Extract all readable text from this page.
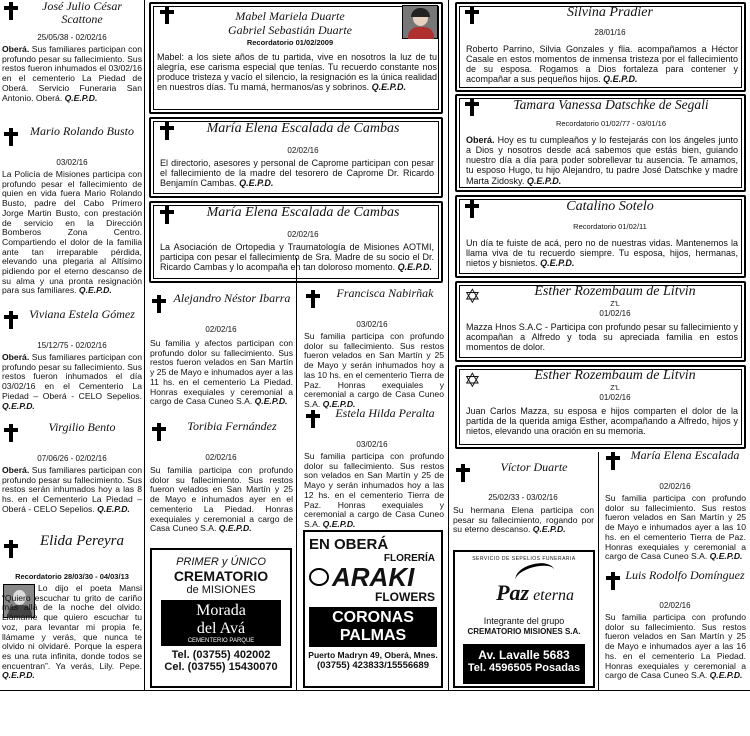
José Julio César Scattone
25/05/38 - 02/02/16
Oberá. Sus familiares participan con profundo pesar su fallecimiento. Sus restos fueron inhumados el 03/02/16 en el cementerio La Piedad de Oberá. Servicio Funeraria San Antonio. Oberá. Q.E.P.D.
Mario Rolando Busto
03/02/16
La Policía de Misiones participa con profundo pesar el fallecimiento de quien en vida fuera Mario Rolando Busto, padre del Cabo Primero Jorge Martin Busto, con prestación de servicio en la Dirección Bomberos Zona Centro. Compartiendo el dolor de la familia ante tan irreparable pérdida, elevando una plegaria al Altísimo pidiendo por el eterno descanso de su alma y una pronta resignación para sus familiares. Q.E.P.D.
Viviana Estela Gómez
15/12/75 - 02/02/16
Oberá. Sus familiares participan con profundo pesar su fallecimiento. Sus restos fueron inhumados el día 03/02/16 en el Cementerio La Piedad – Oberá - CELO Sepelios. Q.E.P.D.
Virgilio Bento
07/06/26 - 02/02/16
Oberá. Sus familiares participan con profundo pesar su fallecimiento. Sus restos serán inhumados hoy a las 8 hs. en el Cementerio La Piedad – Oberá - CELO Sepelios. Q.E.P.D.
Elida Pereyra
Recordatorio 28/03/30 - 04/03/13
Lo dijo el poeta Mansi “Quiero escuchar tu grito de cariño más allá de la noche del olvido. Llámame que quiero escuchar tu voz, para levantar mi propia fe, llámame y verás, que nunca te olvido ni olvidaré. Porque la espera es una ruta infinita, donde todos se encuentran”. Ya verás, Lily. Pepe. Q.E.P.D.
Mabel Mariela Duarte
Gabriel Sebastián Duarte
Recordatorio 01/02/2009
Mabel: a los siete años de tu partida, vive en nosotros la luz de tu alegría, ese carisma especial que tenías. Tu recuerdo constante nos produce tristeza y vacío el silencio, la resignación es la única realidad en nuestros días. Tu mamá, hermanos/as y sobrinos. Q.E.P.D.
María Elena Escalada de Cambas
02/02/16
El directorio, asesores y personal de Caprome participan con pesar el fallecimiento de la madre del tesorero de Caprome Dr. Ricardo Benjamín Cambas. Q.E.P.D.
María Elena Escalada de Cambas
02/02/16
La Asociación de Ortopedia y Traumatología de Misiones AOTMI, participa con pesar el fallecimiento de Sra. Madre de su socio el Dr. Ricardo Cambas y lo acompaña en tan doloroso momento. Q.E.P.D.
Alejandro Néstor Ibarra
02/02/16
Su familia y afectos participan con profundo dolor su fallecimiento. Sus restos fueron velados en San Martín y 25 de Mayo e inhumados ayer a las 11 hs. en el cementerio La Piedad. Honras exequiales y ceremonial a cargo de Casa Cuneo S.A. Q.E.P.D.
Toribia Fernández
02/02/16
Su familia participa con profundo dolor su fallecimiento. Sus restos fueron velados en San Martín y 25 de Mayo e inhumados ayer en el cementerio La Piedad. Honras exequiales y ceremonial a cargo de Casa Cuneo S.A. Q.E.P.D.
PRIMER y ÚNICO
CREMATORIO
de MISIONES
Morada
del Avá
CEMENTERIO PARQUE
Tel. (03755) 402002
Cel. (03755) 15430070
Francisca Nabirñak
03/02/16
Su familia participa con profundo dolor su fallecimiento. Sus restos fueron velados en San Martín y 25 de Mayo y serán inhumados hoy a las 10 hs. en el cementerio Tierra de Paz. Honras exequiales y ceremonial a cargo de Casa Cuneo S.A. Q.E.P.D.
Estela Hilda Peralta
03/02/16
Su familia participa con profundo dolor su fallecimiento. Sus restos son velados en San Martín y 25 de Mayo y serán inhumados hoy a las 12 hs. en el cementerio Tierra de Paz. Honras exequiales y ceremonial a cargo de Casa Cuneo S.A. Q.E.P.D.
EN OBERÁ
FLORERÍA
ARAKI
FLOWERS
CORONAS
PALMAS
Puerto Madryn 49, Oberá, Mnes.
(03755) 423833/15556689
Silvina Pradier
28/01/16
Roberto Parrino, Silvia Gonzales y flia. acompañamos a Héctor Casale en estos momentos de inmensa tristeza por el fallecimiento de su esposa. Rogamos a Dios fortaleza para contener y acompañar a sus pequeños hijos. Q.E.P.D.
Tamara Vanessa Datschke de Segali
Recordatorio 01/02/77 - 03/01/16
Oberá. Hoy es tu cumpleaños y lo festejarás con los ángeles junto a Dios y nosotros desde acá sabemos que estás bien, guiando nuestro día a día para poder sobrellevar tu ausencia. Te amamos, tu esposo Hugo, tu hijo Alejandro, tu padre José Datschke y madre Marta Zidosky. Q.E.P.D.
Catalino Sotelo
Recordatorio 01/02/11
Un día te fuiste de acá, pero no de nuestras vidas. Mantenemos la llama viva de tu recuerdo siempre. Tu esposa, hijos, hermanas, nietos y bisnietos. Q.E.P.D.
✡	Esther Rozembaum de Litvin
Z'L
01/02/16
Mazza Hnos S.A.C - Participa con profundo pesar su fallecimiento y acompañan a Alfredo y toda su apreciada familia en estos momentos de dolor.
✡	Esther Rozembaum de Litvin
Z'L
01/02/16
Juan Carlos Mazza, su esposa e hijos comparten el dolor de la partida de la querida amiga Esther, acompañando a Alfredo, hijos y nietos, elevando una oración en su memoria.
Víctor Duarte
25/02/33 - 03/02/16
Su hermana Elena participa con pesar su fallecimiento, rogando por su eterno descanso. Q.E.P.D.
SERVICIO DE SEPELIOS FUNERARIA
Paz eterna
Integrante del grupo
CREMATORIO MISIONES S.A.
Av. Lavalle 5683
Tel. 4596505 Posadas
María Elena Escalada
02/02/16
Su familia participa con profundo dolor su fallecimiento. Sus restos fueron velados en San Martín y 25 de Mayo e inhumados ayer a las 10 hs. en el cementerio Tierra de Paz. Honras exequiales y ceremonial a cargo de Casa Cuneo S.A. Q.E.P.D.
Luis Rodolfo Domínguez
02/02/16
Su familia participa con profundo dolor su fallecimiento. Sus restos fueron velados en San Martín y 25 de Mayo e inhumados ayer a las 16 hs. en el cementerio La Piedad. Honras exequiales y ceremonial a cargo de Casa Cuneo S.A. Q.E.P.D.
